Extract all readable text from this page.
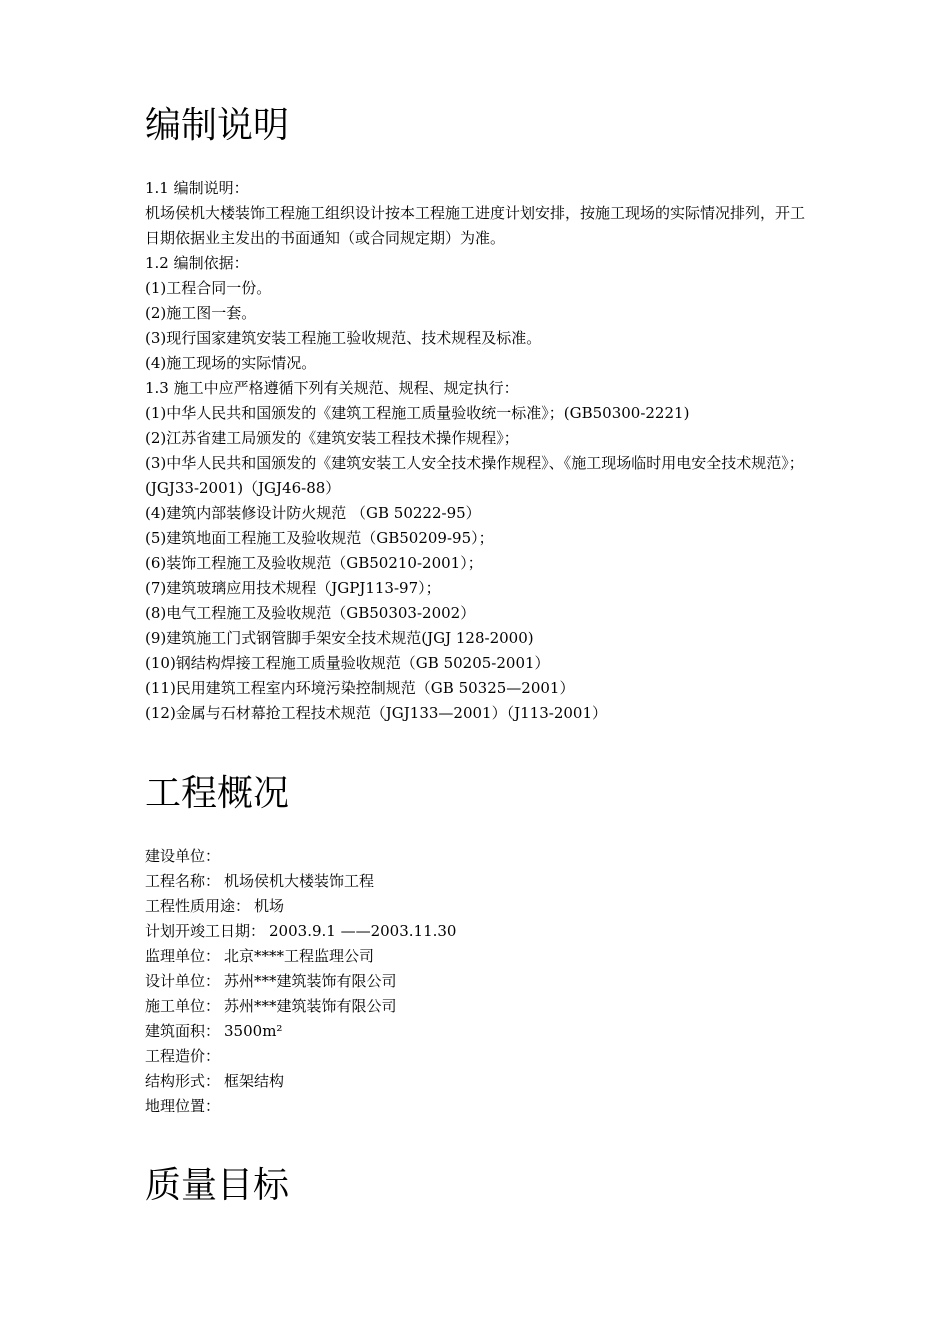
编制说明
1.1 编制说明：
机场侯机大楼装饰工程施工组织设计按本工程施工进度计划安排，按施工现场的实际情况排列，开工日期依据业主发出的书面通知（或合同规定期）为准。
1.2 编制依据：
(1)工程合同一份。
(2)施工图一套。
(3)现行国家建筑安装工程施工验收规范、技术规程及标准。
(4)施工现场的实际情况。
1.3 施工中应严格遵循下列有关规范、规程、规定执行：
(1)中华人民共和国颁发的《建筑工程施工质量验收统一标准》；(GB50300-2221)
(2)江苏省建工局颁发的《建筑安装工程技术操作规程》；
(3)中华人民共和国颁发的《建筑安装工人安全技术操作规程》、《施工现场临时用电安全技术规范》；(JGJ33-2001)（JGJ46-88）
(4)建筑内部装修设计防火规范 （GB 50222-95）
(5)建筑地面工程施工及验收规范（GB50209-95）；
(6)装饰工程施工及验收规范（GB50210-2001）；
(7)建筑玻璃应用技术规程（JGPJ113-97）；
(8)电气工程施工及验收规范（GB50303-2002）
(9)建筑施工门式钢管脚手架安全技术规范(JGJ 128-2000)
(10)钢结构焊接工程施工质量验收规范（GB 50205-2001）
(11)民用建筑工程室内环境污染控制规范（GB 50325—2001）
(12)金属与石材幕抢工程技术规范（JGJ133—2001）（J113-2001）
工程概况
建设单位：
工程名称： 机场侯机大楼装饰工程
工程性质用途： 机场
计划开竣工日期： 2003.9.1 ——2003.11.30
监理单位： 北京****工程监理公司
设计单位： 苏州***建筑装饰有限公司
施工单位： 苏州***建筑装饰有限公司
建筑面积： 3500m²
工程造价：
结构形式： 框架结构
地理位置：
质量目标
